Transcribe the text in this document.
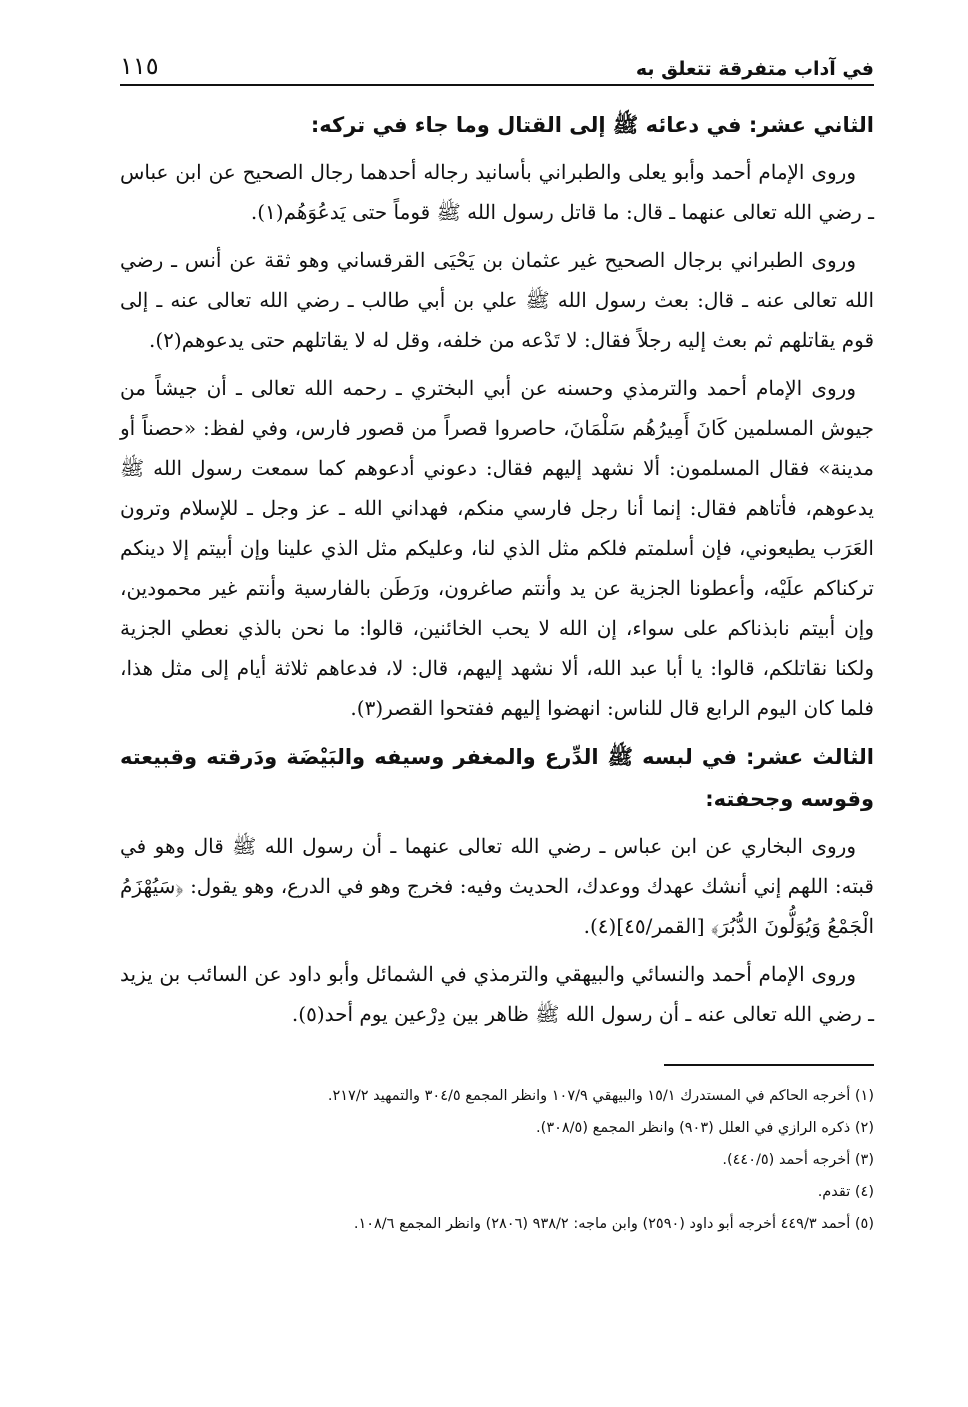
في آداب متفرقة تتعلق به
١١٥
الثاني عشر: في دعائه ﷺ إلى القتال وما جاء في تركه:

وروى الإمام أحمد وأبو يعلى والطبراني بأسانيد رجاله أحدهما رجال الصحيح عن ابن عباس ـ رضي الله تعالى عنهما ـ قال: ما قاتل رسول الله ﷺ قوماً حتى يَدعُوَهُم(١).

وروى الطبراني برجال الصحيح غير عثمان بن يَحْيَى القرقساني وهو ثقة عن أنس ـ رضي الله تعالى عنه ـ قال: بعث رسول الله ﷺ علي بن أبي طالب ـ رضي الله تعالى عنه ـ إلى قوم يقاتلهم ثم بعث إليه رجلاً فقال: لا تَدْعه من خلفه، وقل له لا يقاتلهم حتى يدعوهم(٢).

وروى الإمام أحمد والترمذي وحسنه عن أبي البختري ـ رحمه الله تعالى ـ أن جيشاً من جيوش المسلمين كَانَ أَمِيرُهُم سَلْمَانَ، حاصروا قصراً من قصور فارس، وفي لفظ: «حصناً أو مدينة» فقال المسلمون: ألا نشهد إليهم فقال: دعوني أدعوهم كما سمعت رسول الله ﷺ يدعوهم، فأتاهم فقال: إنما أنا رجل فارسي منكم، فهداني الله ـ عز وجل ـ للإسلام وترون العَرَب يطيعوني، فإن أسلمتم فلكم مثل الذي لنا، وعليكم مثل الذي علينا وإن أبيتم إلا دينكم تركناكم علَيْه، وأعطونا الجزية عن يد وأنتم صاغرون، ورَطَن بالفارسية وأنتم غير محمودين، وإن أبيتم نابذناكم على سواء، إن الله لا يحب الخائنين، قالوا: ما نحن بالذي نعطي الجزية ولكنا نقاتلكم، قالوا: يا أبا عبد الله، ألا نشهد إليهم، قال: لا، فدعاهم ثلاثة أيام إلى مثل هذا، فلما كان اليوم الرابع قال للناس: انهضوا إليهم ففتحوا القصر(٣).

الثالث عشر: في لبسه ﷺ الدِّرع والمغفر وسيفه والبَيْضَة ودَرقته وقبيعته وقوسه وجحفته:

وروى البخاري عن ابن عباس ـ رضي الله تعالى عنهما ـ أن رسول الله ﷺ قال وهو في قبته: اللهم إني أنشك عهدك ووعدك، الحديث وفيه: فخرج وهو في الدرع، وهو يقول: ﴿سَيُهْزَمُ الْجَمْعُ وَيُوَلُّونَ الدُّبُرَ﴾ [القمر/٤٥](٤).

وروى الإمام أحمد والنسائي والبيهقي والترمذي في الشمائل وأبو داود عن السائب بن يزيد ـ رضي الله تعالى عنه ـ أن رسول الله ﷺ ظاهر بين دِرْعين يوم أحد(٥).

(١) أخرجه الحاكم في المستدرك ١٥/١ والبيهقي ١٠٧/٩ وانظر المجمع ٣٠٤/٥ والتمهيد ٢١٧/٢.
(٢) ذكره الرازي في العلل (٩٠٣) وانظر المجمع (٣٠٨/٥).
(٣) أخرجه أحمد (٤٤٠/٥).
(٤) تقدم.
(٥) أحمد ٤٤٩/٣ أخرجه أبو داود (٢٥٩٠) وابن ماجه: ٩٣٨/٢ (٢٨٠٦) وانظر المجمع ١٠٨/٦.
